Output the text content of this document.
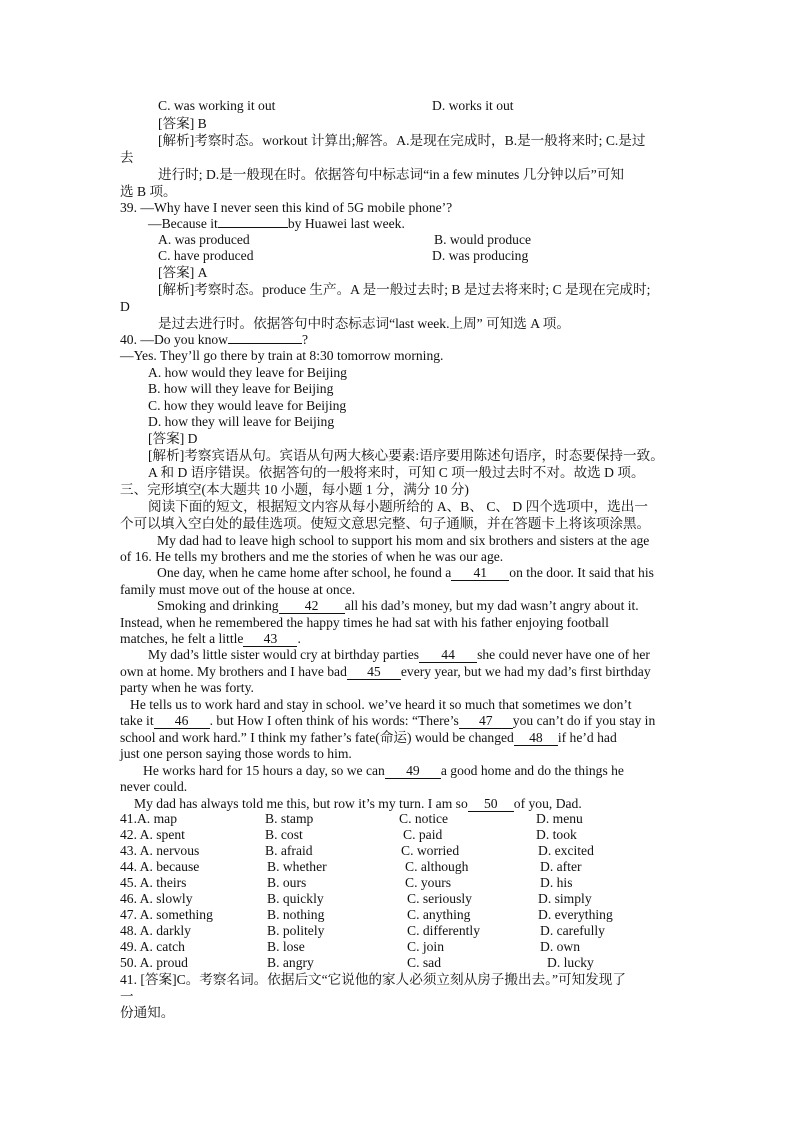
C. was working it out	D. works it out
[答案] B
[解析]考察时态。workout 计算出;解答。A.是现在完成时，B.是一般将来时; C.是过
去
进行时; D.是一般现在时。依据答句中标志词“in a few minutes 几分钟以后”可知
选 B 项。
39. —Why have I never seen this kind of 5G mobile phone’?
—Because it	by Huawei last week.
A. was produced	B. would produce
C. have produced	D. was producing
[答案] A
[解析]考察时态。produce 生产。A 是一般过去时; B 是过去将来时; C 是现在完成时;
D
是过去进行时。依据答句中时态标志词“last week.上周” 可知选 A 项。
40. —Do you know	?
—Yes. They’ll go there by train at 8:30 tomorrow morning.
A. how would they leave for Beijing
B. how will they leave for Beijing
C. how they would leave for Beijing
D. how they will leave for Beijing
[答案] D
[解析]考察宾语从句。宾语从句两大核心要素:语序要用陈述句语序，时态要保持一致。
A 和 D 语序错误。依据答句的一般将来时，可知 C 项一般过去时不对。故选 D 项。
三、完形填空(本大题共 10 小题，每小题 1 分，满分 10 分)
阅读下面的短文，根据短文内容从每小题所给的 A、B、 C、 D 四个选项中，选出一
个可以填入空白处的最佳选项。使短文意思完整、句子通顺，并在答题卡上将该项涂黑。
My dad had to leave high school to support his mom and six brothers and sisters at the age
of 16. He tells my brothers and me the stories of when he was our age.
One day, when he came home after school, he found a 41 on the door. It said that his
family must move out of the house at once.
Smoking and drinking 42 all his dad’s money, but my dad wasn’t angry about it.
Instead, when he remembered the happy times he had sat with his father enjoying football
matches, he felt a little 43 .
My dad’s little sister would cry at birthday parties 44 she could never have one of her
own at home. My brothers and I have bad 45 every year, but we had my dad’s first birthday
party when he was forty.
He tells us to work hard and stay in school. we’ve heard it so much that sometimes we don’t
take it 46 . but How I often think of his words: “There’s 47 you can’t do if you stay in
school and work hard.” I think my father’s fate(命运) would be changed 48 if he’d had
just one person saying those words to him.
He works hard for 15 hours a day, so we can 49 a good home and do the things he
never could.
My dad has always told me this, but row it’s my turn. I am so 50 of you, Dad.
41.A. map	B. stamp	C. notice	D. menu
42. A. spent	B. cost	C. paid	D. took
43. A. nervous	B. afraid	C. worried	D. excited
44. A. because	B. whether	C. although	D. after
45. A. theirs	B. ours	C. yours	D. his
46. A. slowly	B. quickly	C. seriously	D. simply
47. A. something	B. nothing	C. anything	D. everything
48. A. darkly	B. politely	C. differently	D. carefully
49. A. catch	B. lose	C. join	D. own
50. A. proud	B. angry	C. sad	D. lucky
41. [答案]C。考察名词。依据后文“它说他的家人必须立刻从房子搬出去。”可知发现了
一
份通知。
